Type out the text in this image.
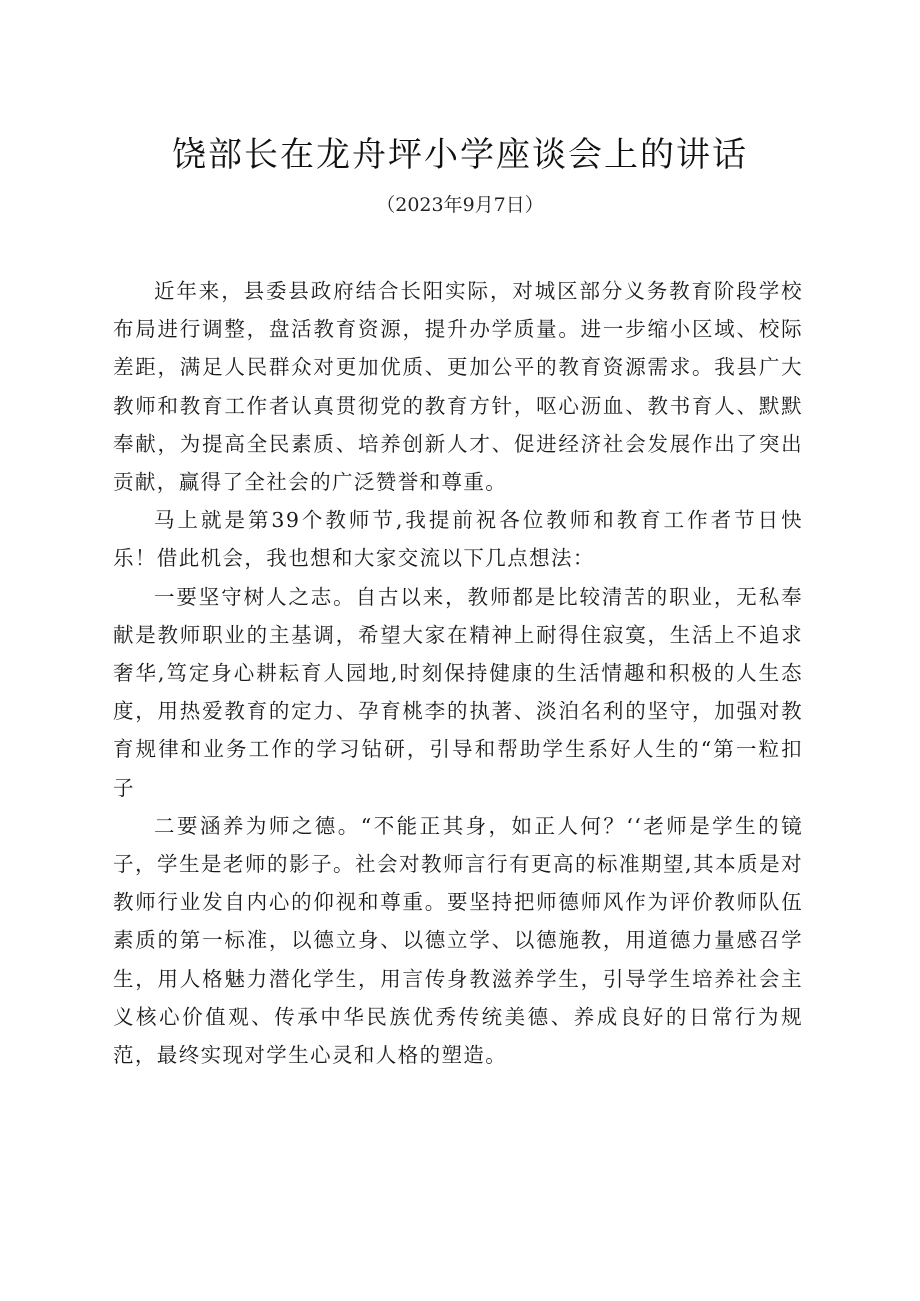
饶部长在龙舟坪小学座谈会上的讲话
（2023年9月7日）

近年来，县委县政府结合长阳实际，对城区部分义务教育阶段学校布局进行调整，盘活教育资源，提升办学质量。进一步缩小区域、校际差距，满足人民群众对更加优质、更加公平的教育资源需求。我县广大教师和教育工作者认真贯彻党的教育方针，呕心沥血、教书育人、默默奉献，为提高全民素质、培养创新人才、促进经济社会发展作出了突出贡献，赢得了全社会的广泛赞誉和尊重。

马上就是第39个教师节,我提前祝各位教师和教育工作者节日快乐！借此机会，我也想和大家交流以下几点想法：

一要坚守树人之志。自古以来，教师都是比较清苦的职业，无私奉献是教师职业的主基调，希望大家在精神上耐得住寂寞，生活上不追求奢华,笃定身心耕耘育人园地,时刻保持健康的生活情趣和积极的人生态度，用热爱教育的定力、孕育桃李的执著、淡泊名利的坚守，加强对教育规律和业务工作的学习钻研，引导和帮助学生系好人生的“第一粒扣子

二要涵养为师之德。“不能正其身，如正人何？‘‘老师是学生的镜子，学生是老师的影子。社会对教师言行有更高的标准期望,其本质是对教师行业发自内心的仰视和尊重。要坚持把师德师风作为评价教师队伍素质的第一标准，以德立身、以德立学、以德施教，用道德力量感召学生，用人格魅力潜化学生，用言传身教滋养学生，引导学生培养社会主义核心价值观、传承中华民族优秀传统美德、养成良好的日常行为规范，最终实现对学生心灵和人格的塑造。
